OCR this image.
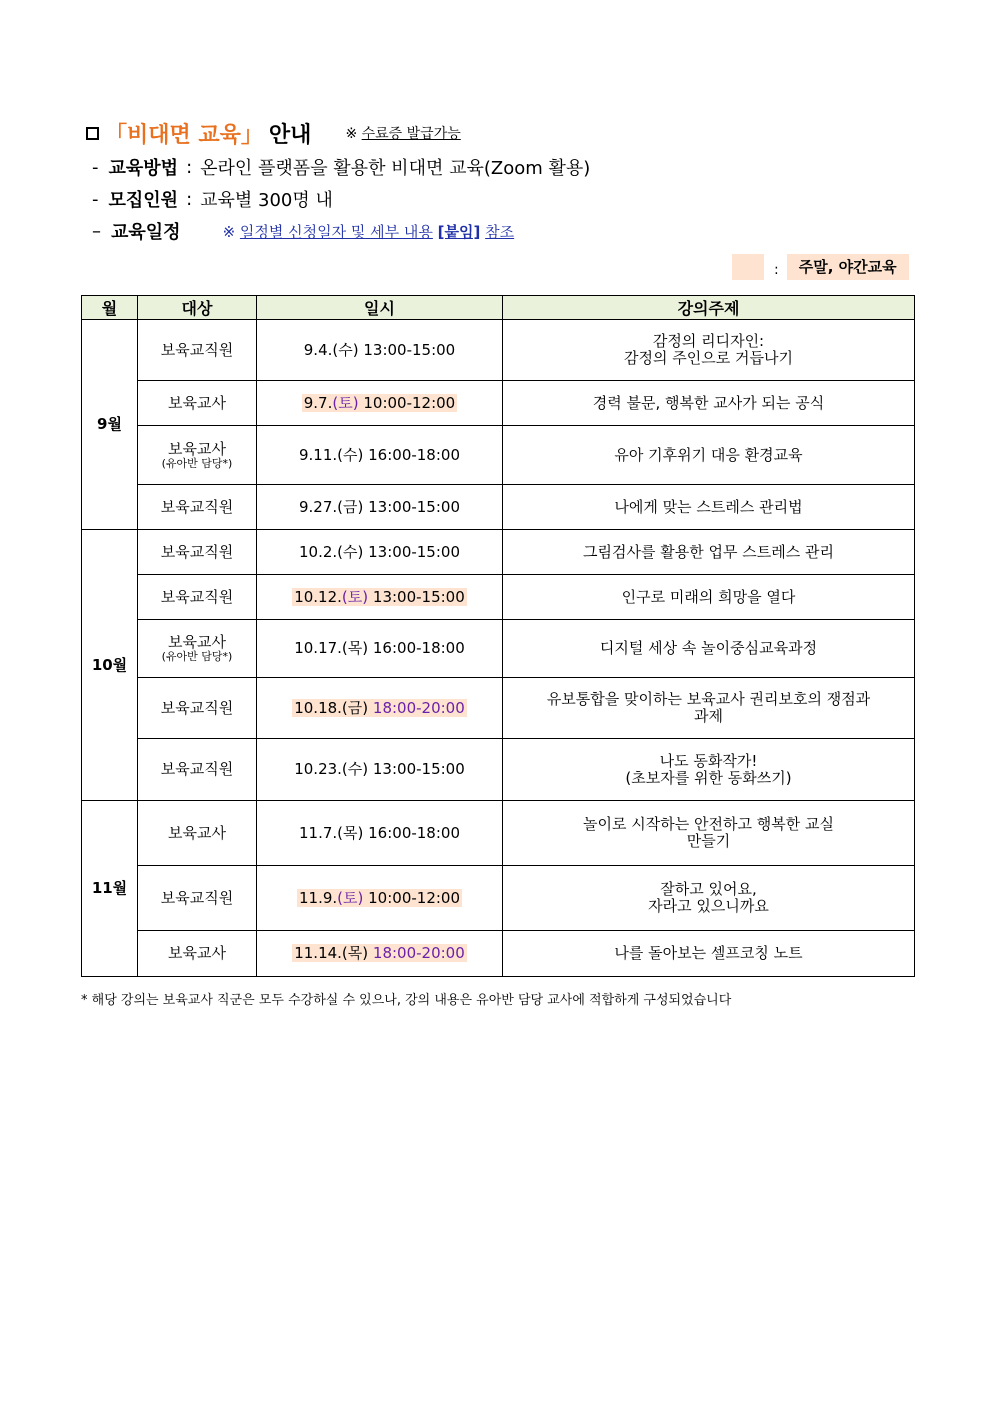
「비대면 교육」 안내 ※ 수료증 발급가능
- 교육방법 : 온라인 플랫폼을 활용한 비대면 교육(Zoom 활용)
- 모집인원 : 교육별 300명 내
– 교육일정	※ 일정별 신청일자 및 세부 내용 [붙임] 참조
:	주말, 야간교육
월	대상	일시	강의주제
9월	보육교직원	9.4.(수) 13:00-15:00	감정의 리디자인:
감정의 주인으로 거듭나기
	보육교사	9.7.(토) 10:00-12:00	경력 불문, 행복한 교사가 되는 공식
	보육교사
(유아반 담당*)	9.11.(수) 16:00-18:00	유아 기후위기 대응 환경교육
	보육교직원	9.27.(금) 13:00-15:00	나에게 맞는 스트레스 관리법
10월	보육교직원	10.2.(수) 13:00-15:00	그림검사를 활용한 업무 스트레스 관리
	보육교직원	10.12.(토) 13:00-15:00	인구로 미래의 희망을 열다
	보육교사
(유아반 담당*)	10.17.(목) 16:00-18:00	디지털 세상 속 놀이중심교육과정
	보육교직원	10.18.(금) 18:00-20:00	유보통합을 맞이하는 보육교사 권리보호의 쟁점과
과제
	보육교직원	10.23.(수) 13:00-15:00	나도 동화작가!
(초보자를 위한 동화쓰기)
11월	보육교사	11.7.(목) 16:00-18:00	놀이로 시작하는 안전하고 행복한 교실
만들기
	보육교직원	11.9.(토) 10:00-12:00	잘하고 있어요,
자라고 있으니까요
	보육교사	11.14.(목) 18:00-20:00	나를 돌아보는 셀프코칭 노트
* 해당 강의는 보육교사 직군은 모두 수강하실 수 있으나, 강의 내용은 유아반 담당 교사에 적합하게 구성되었습니다
